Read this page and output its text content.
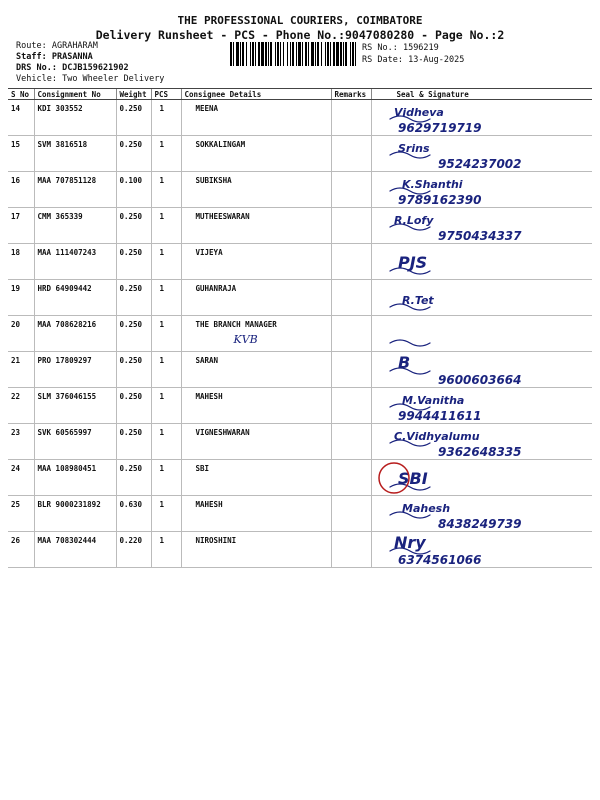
THE PROFESSIONAL COURIERS, COIMBATORE
Delivery Runsheet - PCS - Phone No.:9047080280 - Page No.:2
Route: AGRAHARAM
Staff: PRASANNA
DRS No.: DCJB159621902
Vehicle: Two Wheeler Delivery
RS No.: 1596219
RS Date: 13-Aug-2025
S No	Consignment No	Weight	PCS	Consignee Details	Remarks	Seal & Signature
14	KDI 303552	0.250	1	MEENA		Vidheva
9629719719

15	SVM 3816518	0.250	1	SOKKALINGAM		Srins
9524237002

16	MAA 707851128	0.100	1	SUBIKSHA		K.Shanthi
9789162390

17	CMM 365339	0.250	1	MUTHEESWARAN		R.Lofy
9750434337

18	MAA 111407243	0.250	1	VIJEYA		PJS

19	HRD 64909442	0.250	1	GUHANRAJA		R.Tet

20	MAA 708628216	0.250	1	THE BRANCH MANAGER
KVB

21	PRO 17809297	0.250	1	SARAN		B
9600603664

22	SLM 376046155	0.250	1	MAHESH		M.Vanitha
9944411611

23	SVK 60565997	0.250	1	VIGNESHWARAN		C.Vidhyalumu
9362648335

24	MAA 108980451	0.250	1	SBI		SBI

25	BLR 9000231892	0.630	1	MAHESH		Mahesh
8438249739

26	MAA 708302444	0.220	1	NIROSHINI		Nry
6374561066
